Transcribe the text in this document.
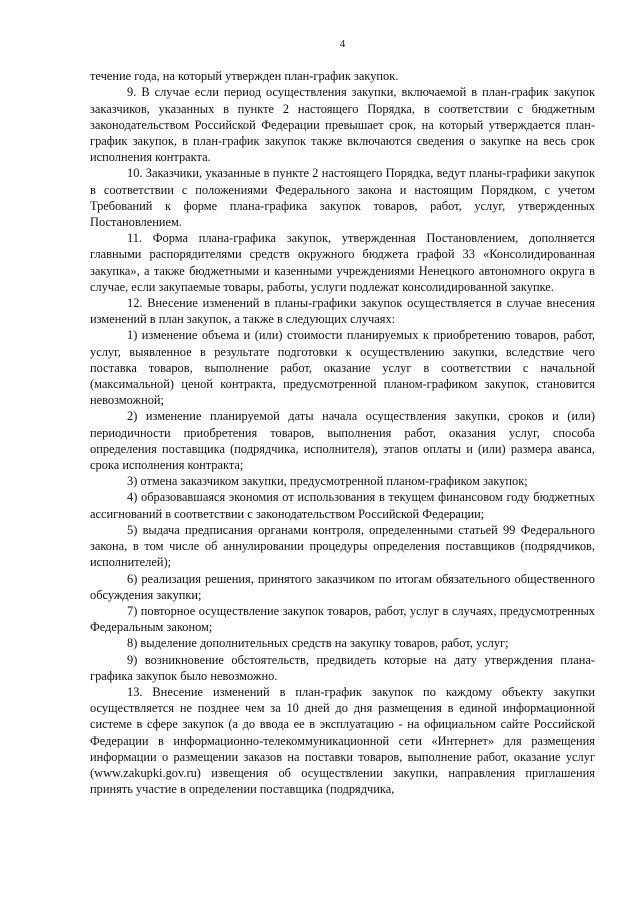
4

течение года, на который утвержден план-график закупок.

9. В случае если период осуществления закупки, включаемой в план-график закупок заказчиков, указанных в пункте 2 настоящего Порядка, в соответствии с бюджетным законодательством Российской Федерации превышает срок, на который утверждается план-график закупок, в план-график закупок также включаются сведения о закупке на весь срок исполнения контракта.

10. Заказчики, указанные в пункте 2 настоящего Порядка, ведут планы-графики закупок в соответствии с положениями Федерального закона и настоящим Порядком, с учетом Требований к форме плана-графика закупок товаров, работ, услуг, утвержденных Постановлением.

11. Форма плана-графика закупок, утвержденная Постановлением, дополняется главными распорядителями средств окружного бюджета графой 33 «Консолидированная закупка», а также бюджетными и казенными учреждениями Ненецкого автономного округа в случае, если закупаемые товары, работы, услуги подлежат консолидированной закупке.

12. Внесение изменений в планы-графики закупок осуществляется в случае внесения изменений в план закупок, а также в следующих случаях:

1) изменение объема и (или) стоимости планируемых к приобретению товаров, работ, услуг, выявленное в результате подготовки к осуществлению закупки, вследствие чего поставка товаров, выполнение работ, оказание услуг в соответствии с начальной (максимальной) ценой контракта, предусмотренной планом-графиком закупок, становится невозможной;

2) изменение планируемой даты начала осуществления закупки, сроков и (или) периодичности приобретения товаров, выполнения работ, оказания услуг, способа определения поставщика (подрядчика, исполнителя), этапов оплаты и (или) размера аванса, срока исполнения контракта;

3) отмена заказчиком закупки, предусмотренной планом-графиком закупок;

4) образовавшаяся экономия от использования в текущем финансовом году бюджетных ассигнований в соответствии с законодательством Российской Федерации;

5) выдача предписания органами контроля, определенными статьей 99 Федерального закона, в том числе об аннулировании процедуры определения поставщиков (подрядчиков, исполнителей);

6) реализация решения, принятого заказчиком по итогам обязательного общественного обсуждения закупки;

7) повторное осуществление закупок товаров, работ, услуг в случаях, предусмотренных Федеральным законом;

8) выделение дополнительных средств на закупку товаров, работ, услуг;

9) возникновение обстоятельств, предвидеть которые на дату утверждения плана-графика закупок было невозможно.

13. Внесение изменений в план-график закупок по каждому объекту закупки осуществляется не позднее чем за 10 дней до дня размещения в единой информационной системе в сфере закупок (а до ввода ее в эксплуатацию - на официальном сайте Российской Федерации в информационно-телекоммуникационной сети «Интернет» для размещения информации о размещении заказов на поставки товаров, выполнение работ, оказание услуг (www.zakupki.gov.ru) извещения об осуществлении закупки, направления приглашения принять участие в определении поставщика (подрядчика,
